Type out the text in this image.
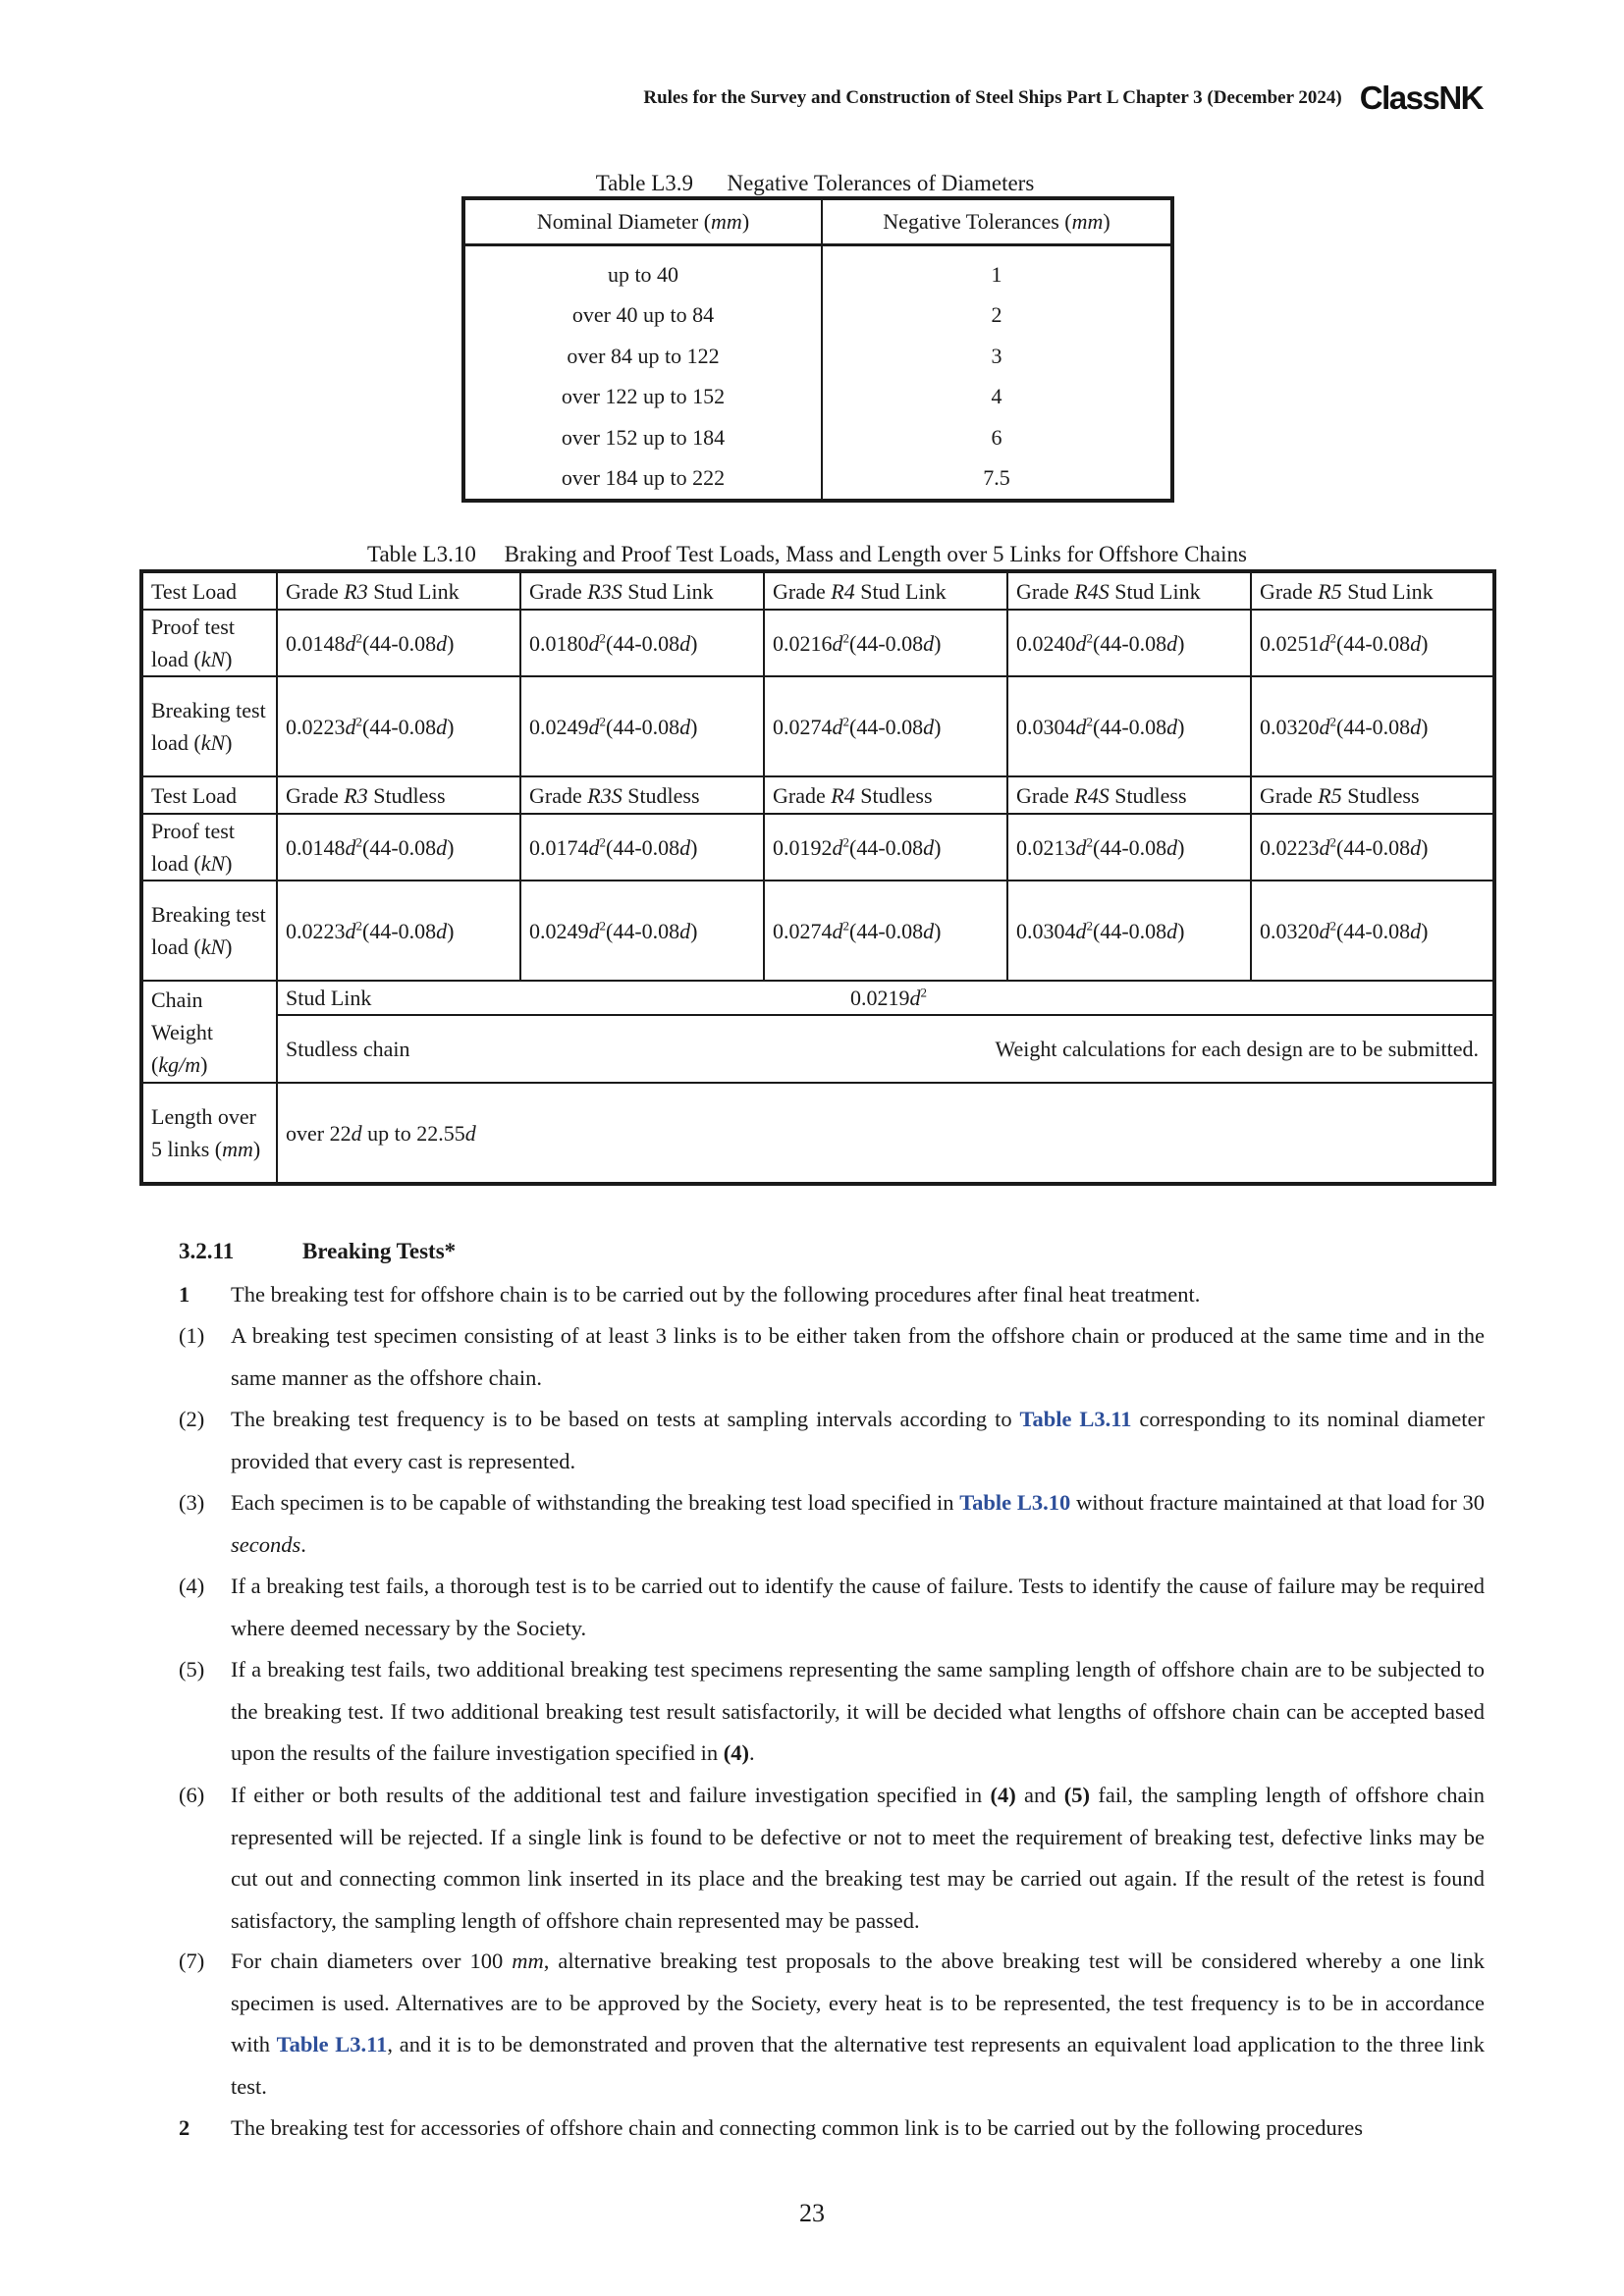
Rules for the Survey and Construction of Steel Ships Part L Chapter 3 (December 2024) ClassNK
Table L3.9      Negative Tolerances of Diameters
Nominal Diameter (mm)	Negative Tolerances (mm)
up to 40	1
over 40 up to 84	2
over 84 up to 122	3
over 122 up to 152	4
over 152 up to 184	6
over 184 up to 222	7.5
Table L3.10     Braking and Proof Test Loads, Mass and Length over 5 Links for Offshore Chains
Test Load	Grade R3 Stud Link	Grade R3S Stud Link	Grade R4 Stud Link	Grade R4S Stud Link	Grade R5 Stud Link
Proof test load (kN)	$0.0148d^2(44-0.08d)$	$0.0180d^2(44-0.08d)$	$0.0216d^2(44-0.08d)$	$0.0240d^2(44-0.08d)$	$0.0251d^2(44-0.08d)$
Breaking test load (kN)	$0.0223d^2(44-0.08d)$	$0.0249d^2(44-0.08d)$	$0.0274d^2(44-0.08d)$	$0.0304d^2(44-0.08d)$	$0.0320d^2(44-0.08d)$
Test Load	Grade R3 Studless	Grade R3S Studless	Grade R4 Studless	Grade R4S Studless	Grade R5 Studless
Proof test load (kN)	$0.0148d^2(44-0.08d)$	$0.0174d^2(44-0.08d)$	$0.0192d^2(44-0.08d)$	$0.0213d^2(44-0.08d)$	$0.0223d^2(44-0.08d)$
Breaking test load (kN)	$0.0223d^2(44-0.08d)$	$0.0249d^2(44-0.08d)$	$0.0274d^2(44-0.08d)$	$0.0304d^2(44-0.08d)$	$0.0320d^2(44-0.08d)$
Chain Weight (kg/m)	Stud Link		$0.0219d^2$

	Studless chain Weight calculations for each design are to be submitted.				

Length over 5 links (mm)	over 22d up to 22.55d				
3.2.11	Breaking Tests*
1 The breaking test for offshore chain is to be carried out by the following procedures after final heat treatment.
(1) A breaking test specimen consisting of at least 3 links is to be either taken from the offshore chain or produced at the same time and in the same manner as the offshore chain.
(2) The breaking test frequency is to be based on tests at sampling intervals according to Table L3.11 corresponding to its nominal diameter provided that every cast is represented.
(3) Each specimen is to be capable of withstanding the breaking test load specified in Table L3.10 without fracture maintained at that load for 30 seconds.
(4) If a breaking test fails, a thorough test is to be carried out to identify the cause of failure. Tests to identify the cause of failure may be required where deemed necessary by the Society.
(5) If a breaking test fails, two additional breaking test specimens representing the same sampling length of offshore chain are to be subjected to the breaking test. If two additional breaking test result satisfactorily, it will be decided what lengths of offshore chain can be accepted based upon the results of the failure investigation specified in (4).
(6) If either or both results of the additional test and failure investigation specified in (4) and (5) fail, the sampling length of offshore chain represented will be rejected. If a single link is found to be defective or not to meet the requirement of breaking test, defective links may be cut out and connecting common link inserted in its place and the breaking test may be carried out again. If the result of the retest is found satisfactory, the sampling length of offshore chain represented may be passed.
(7) For chain diameters over 100 mm, alternative breaking test proposals to the above breaking test will be considered whereby a one link specimen is used. Alternatives are to be approved by the Society, every heat is to be represented, the test frequency is to be in accordance with Table L3.11, and it is to be demonstrated and proven that the alternative test represents an equivalent load application to the three link test.
2 The breaking test for accessories of offshore chain and connecting common link is to be carried out by the following procedures
23
